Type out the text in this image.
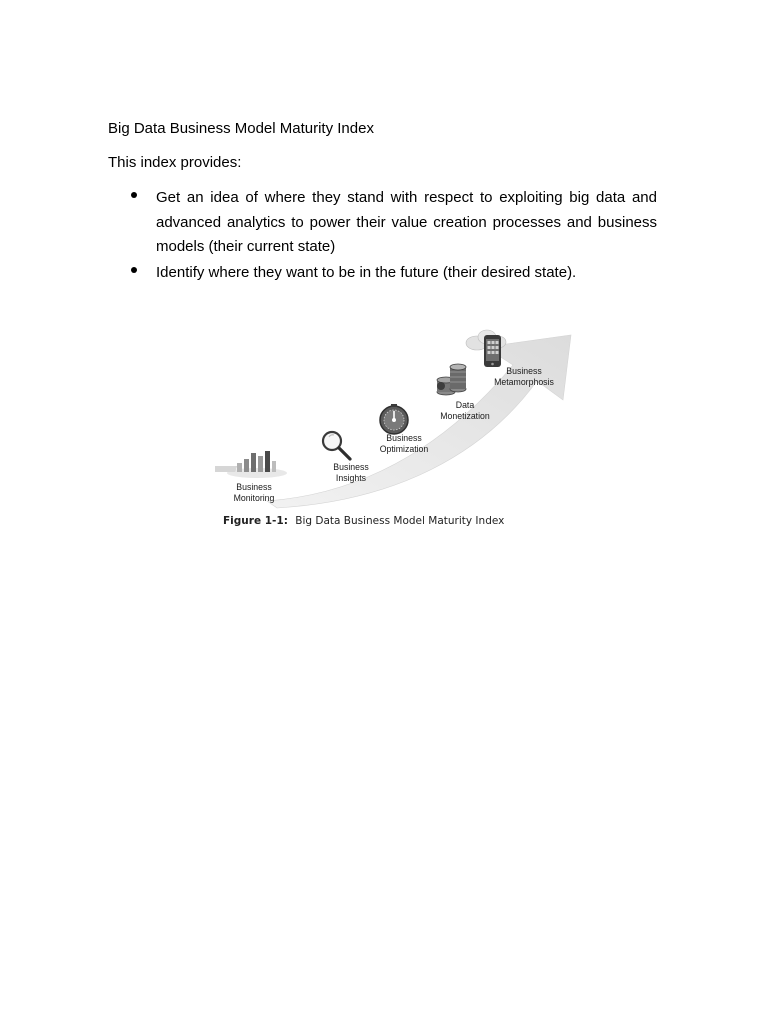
Big Data Business Model Maturity Index
This index provides:
Get an idea of where they stand with respect to exploiting big data and advanced analytics to power their value creation processes and business models (their current state)
Identify where they want to be in the future (their desired state).
Business
Monitoring
Business
Insights
Business
Optimization
Data
Monetization
Business
Metamorphosis
Figure 1-1: Big Data Business Model Maturity Index
